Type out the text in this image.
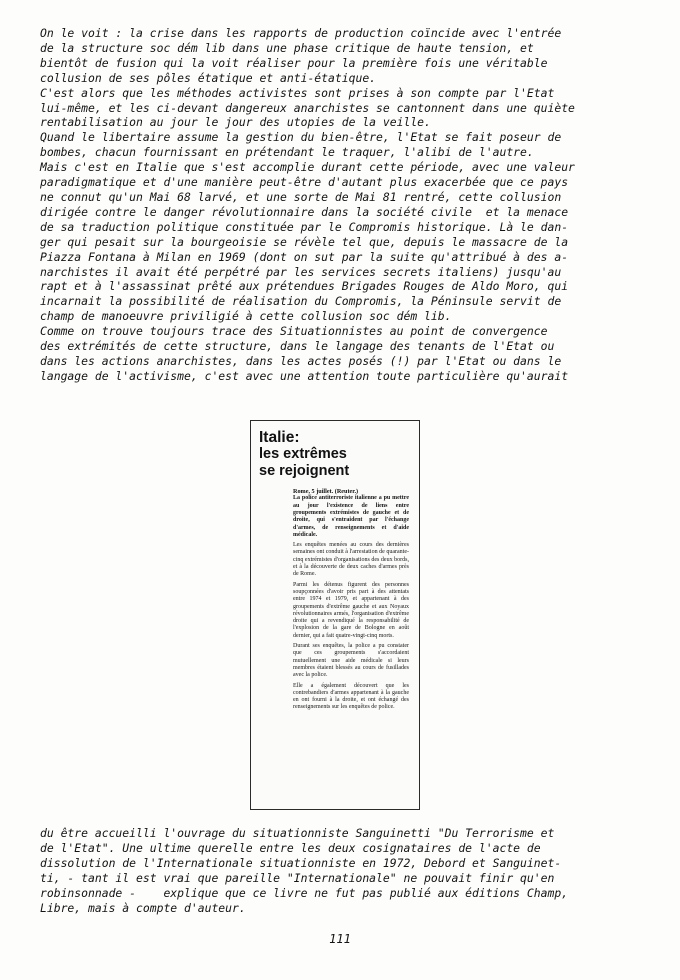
On le voit : la crise dans les rapports de production coïncide avec l'entrée

de la structure soc dém lib dans une phase critique de haute tension, et

bientôt de fusion qui la voit réaliser pour la première fois une véritable

collusion de ses pôles étatique et anti-étatique.

C'est alors que les méthodes activistes sont prises à son compte par l'Etat

lui-même, et les ci-devant dangereux anarchistes se cantonnent dans une quiète

rentabilisation au jour le jour des utopies de la veille.

Quand le libertaire assume la gestion du bien-être, l'Etat se fait poseur de

bombes, chacun fournissant en prétendant le traquer, l'alibi de l'autre.

Mais c'est en Italie que s'est accomplie durant cette période, avec une valeur

paradigmatique et d'une manière peut-être d'autant plus exacerbée que ce pays

ne connut qu'un Mai 68 larvé, et une sorte de Mai 81 rentré, cette collusion

dirigée contre le danger révolutionnaire dans la société civile  et la menace

de sa traduction politique constituée par le Compromis historique. Là le dan-

ger qui pesait sur la bourgeoisie se révèle tel que, depuis le massacre de la

Piazza Fontana à Milan en 1969 (dont on sut par la suite qu'attribué à des a-

narchistes il avait été perpétré par les services secrets italiens) jusqu'au

rapt et à l'assassinat prêté aux prétendues Brigades Rouges de Aldo Moro, qui

incarnait la possibilité de réalisation du Compromis, la Péninsule servit de

champ de manoeuvre priviligié à cette collusion soc dém lib.

Comme on trouve toujours trace des Situationnistes au point de convergence

des extrémités de cette structure, dans le langage des tenants de l'Etat ou

dans les actions anarchistes, dans les actes posés (!) par l'Etat ou dans le

langage de l'activisme, c'est avec une attention toute particulière qu'aurait

Italie:
les extrêmes
se rejoignent
Rome, 5 juillet. (Reuter.)

La police antiterroriste italienne a pu mettre au jour l'existence de liens entre groupements extrémistes de gauche et de droite, qui s'entraident par l'échange d'armes, de renseignements et d'aide médicale.

Les enquêtes menées au cours des dernières semaines ont conduit à l'arrestation de quarante-cinq extrémistes d'organisations des deux bords, et à la découverte de deux caches d'armes près de Rome.

Parmi les détenus figurent des personnes soupçonnées d'avoir pris part à des attentats entre 1974 et 1979, et appartenant à des groupements d'extrême gauche et aux Noyaux révolutionnaires armés, l'organisation d'extrême droite qui a revendiqué la responsabilité de l'explosion de la gare de Bologne en août dernier, qui a fait quatre-vingt-cinq morts.

Durant ses enquêtes, la police a pu constater que ces groupements s'accordaient mutuellement une aide médicale si leurs membres étaient blessés au cours de fusillades avec la police.

Elle a également découvert que les contrebandiers d'armes appartenant à la gauche en ont fourni à la droite, et ont échangé des renseignements sur les enquêtes de police.

du être accueilli l'ouvrage du situationniste Sanguinetti "Du Terrorisme et

de l'Etat". Une ultime querelle entre les deux cosignataires de l'acte de

dissolution de l'Internationale situationniste en 1972, Debord et Sanguinet-

ti, - tant il est vrai que pareille "Internationale" ne pouvait finir qu'en

robinsonnade -    explique que ce livre ne fut pas publié aux éditions Champ,

Libre, mais à compte d'auteur.

111
